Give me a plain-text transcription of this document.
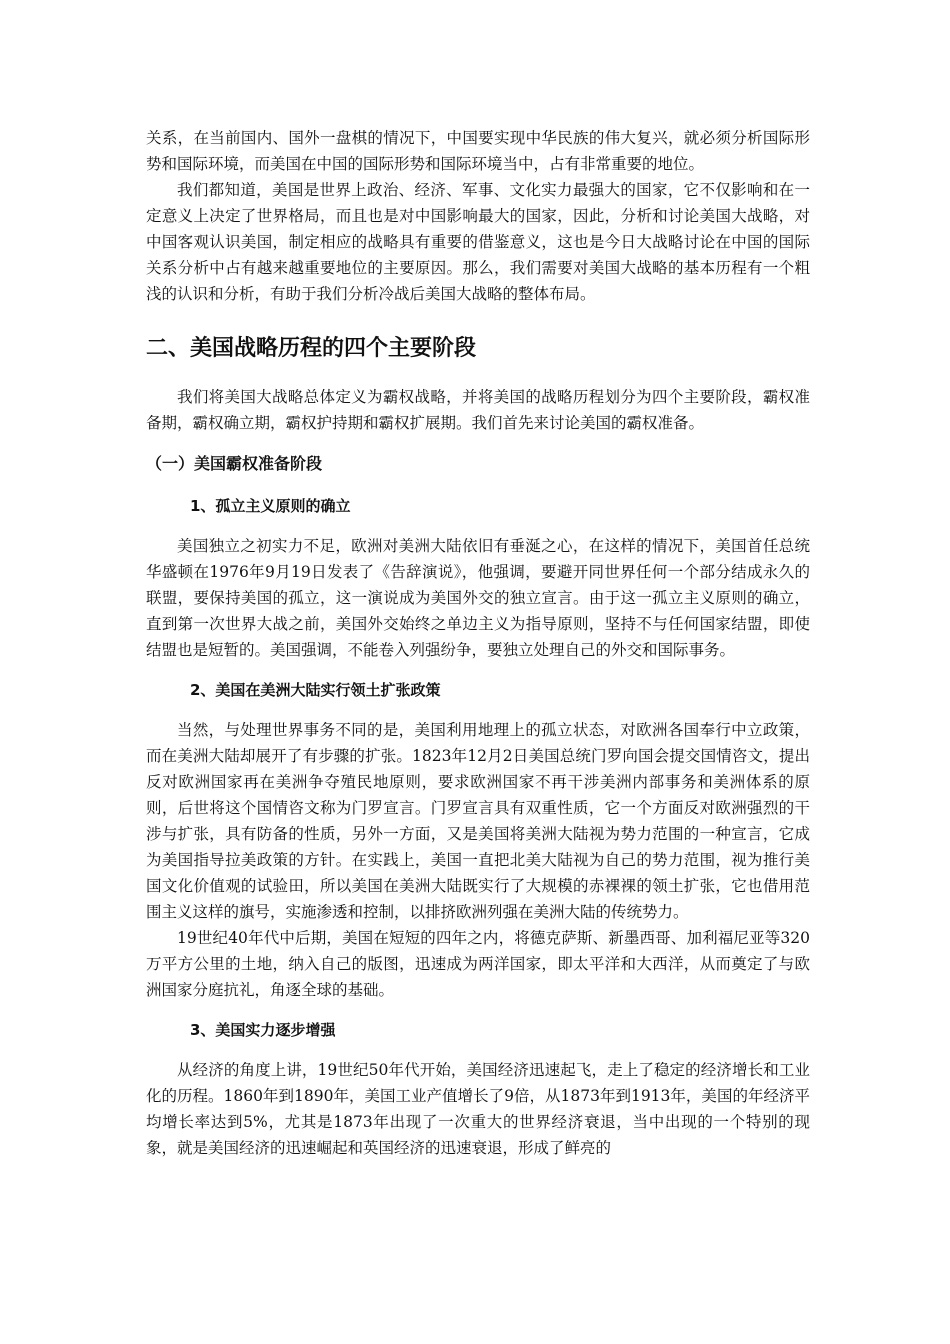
关系，在当前国内、国外一盘棋的情况下，中国要实现中华民族的伟大复兴，就必须分析国际形势和国际环境，而美国在中国的国际形势和国际环境当中，占有非常重要的地位。

我们都知道，美国是世界上政治、经济、军事、文化实力最强大的国家，它不仅影响和在一定意义上决定了世界格局，而且也是对中国影响最大的国家，因此，分析和讨论美国大战略，对中国客观认识美国，制定相应的战略具有重要的借鉴意义，这也是今日大战略讨论在中国的国际关系分析中占有越来越重要地位的主要原因。那么，我们需要对美国大战略的基本历程有一个粗浅的认识和分析，有助于我们分析冷战后美国大战略的整体布局。

二、美国战略历程的四个主要阶段

我们将美国大战略总体定义为霸权战略，并将美国的战略历程划分为四个主要阶段，霸权准备期，霸权确立期，霸权护持期和霸权扩展期。我们首先来讨论美国的霸权准备。

（一）美国霸权准备阶段
1、孤立主义原则的确立

美国独立之初实力不足，欧洲对美洲大陆依旧有垂涎之心，在这样的情况下，美国首任总统华盛顿在1976年9月19日发表了《告辞演说》，他强调，要避开同世界任何一个部分结成永久的联盟，要保持美国的孤立，这一演说成为美国外交的独立宣言。由于这一孤立主义原则的确立，直到第一次世界大战之前，美国外交始终之单边主义为指导原则，坚持不与任何国家结盟，即使结盟也是短暂的。美国强调，不能卷入列强纷争，要独立处理自己的外交和国际事务。

2、美国在美洲大陆实行领土扩张政策

当然，与处理世界事务不同的是，美国利用地理上的孤立状态，对欧洲各国奉行中立政策，而在美洲大陆却展开了有步骤的扩张。1823年12月2日美国总统门罗向国会提交国情咨文，提出反对欧洲国家再在美洲争夺殖民地原则，要求欧洲国家不再干涉美洲内部事务和美洲体系的原则，后世将这个国情咨文称为门罗宣言。门罗宣言具有双重性质，它一个方面反对欧洲强烈的干涉与扩张，具有防备的性质，另外一方面，又是美国将美洲大陆视为势力范围的一种宣言，它成为美国指导拉美政策的方针。在实践上，美国一直把北美大陆视为自己的势力范围，视为推行美国文化价值观的试验田，所以美国在美洲大陆既实行了大规模的赤裸裸的领土扩张，它也借用范围主义这样的旗号，实施渗透和控制，以排挤欧洲列强在美洲大陆的传统势力。

19世纪40年代中后期，美国在短短的四年之内，将德克萨斯、新墨西哥、加利福尼亚等320万平方公里的土地，纳入自己的版图，迅速成为两洋国家，即太平洋和大西洋，从而奠定了与欧洲国家分庭抗礼，角逐全球的基础。

3、美国实力逐步增强

从经济的角度上讲，19世纪50年代开始，美国经济迅速起飞，走上了稳定的经济增长和工业化的历程。1860年到1890年，美国工业产值增长了9倍，从1873年到1913年，美国的年经济平均增长率达到5%，尤其是1873年出现了一次重大的世界经济衰退，当中出现的一个特别的现象，就是美国经济的迅速崛起和英国经济的迅速衰退，形成了鲜亮的
